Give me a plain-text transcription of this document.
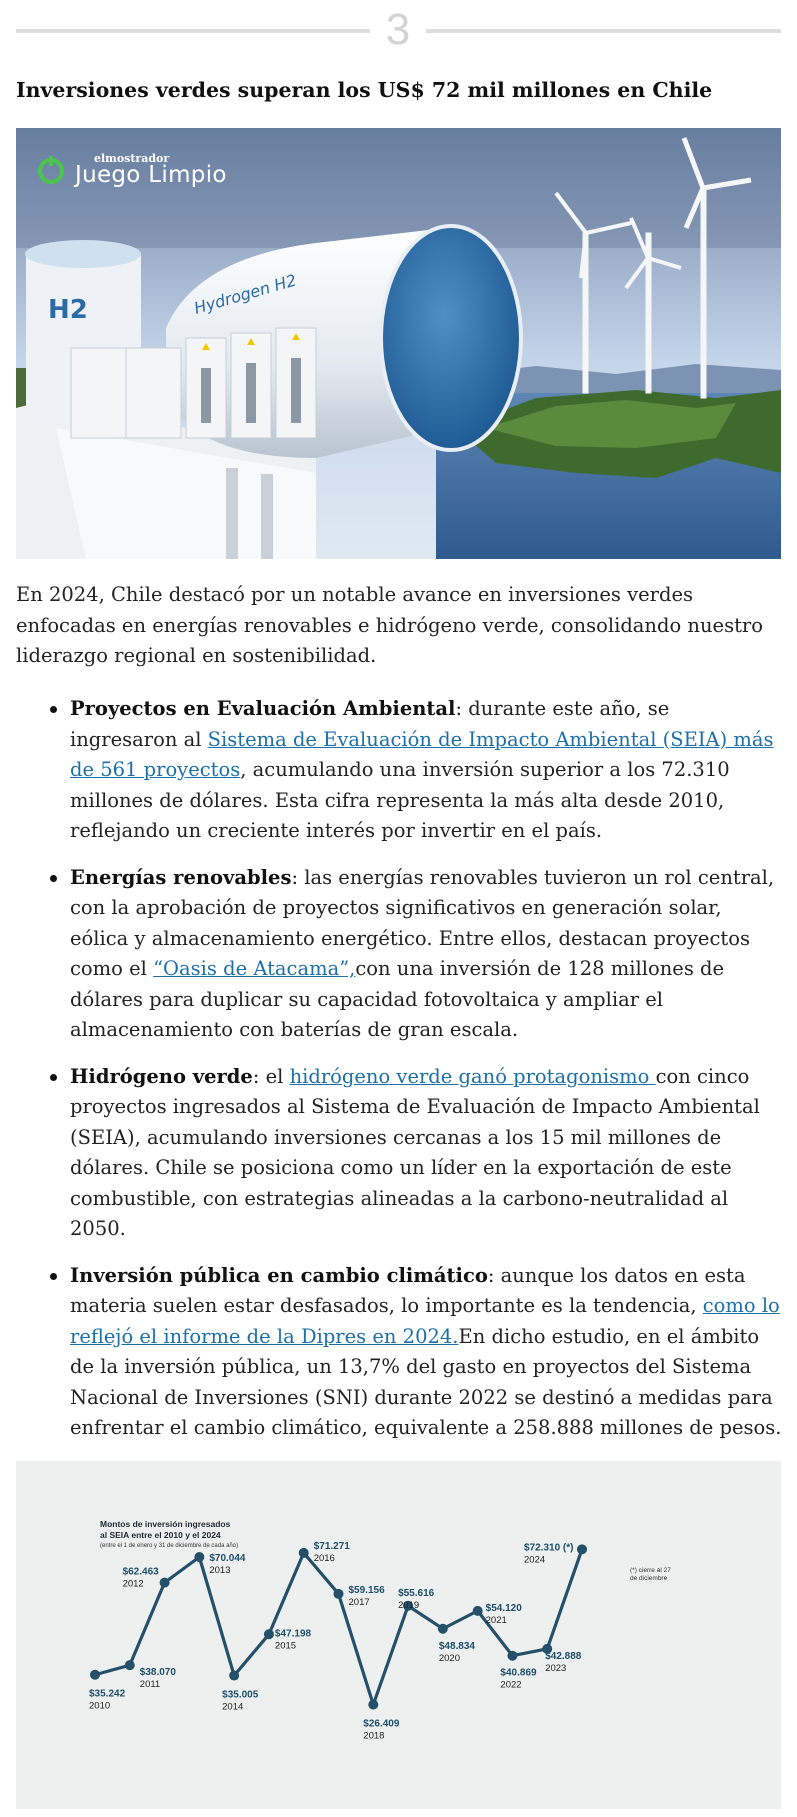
3
Inversiones verdes superan los US$ 72 mil millones en Chile
H2	Hydrogen H2
elmostrador
Juego Limpio

En 2024, Chile destacó por un notable avance en inversiones verdes enfocadas en energías renovables e hidrógeno verde, consolidando nuestro liderazgo regional en sostenibilidad.

Proyectos en Evaluación Ambiental: durante este año, se ingresaron al Sistema de Evaluación de Impacto Ambiental (SEIA) más de 561 proyectos, acumulando una inversión superior a los 72.310 millones de dólares. Esta cifra representa la más alta desde 2010, reflejando un creciente interés por invertir en el país.
Energías renovables: las energías renovables tuvieron un rol central, con la aprobación de proyectos significativos en generación solar, eólica y almacenamiento energético. Entre ellos, destacan proyectos como el “Oasis de Atacama”,con una inversión de 128 millones de dólares para duplicar su capacidad fotovoltaica y ampliar el almacenamiento con baterías de gran escala.
Hidrógeno verde: el hidrógeno verde ganó protagonismo con cinco proyectos ingresados al Sistema de Evaluación de Impacto Ambiental (SEIA), acumulando inversiones cercanas a los 15 mil millones de dólares. Chile se posiciona como un líder en la exportación de este combustible, con estrategias alineadas a la carbono-neutralidad al 2050.
Inversión pública en cambio climático: aunque los datos en esta materia suelen estar desfasados, lo importante es la tendencia, como lo reflejó el informe de la Dipres en 2024.En dicho estudio, en el ámbito de la inversión pública, un 13,7% del gasto en proyectos del Sistema Nacional de Inversiones (SNI) durante 2022 se destinó a medidas para enfrentar el cambio climático, equivalente a 258.888 millones de pesos.
Montos de inversión ingresados
al SEIA entre el 2010 y el 2024
(entre el 1 de enero y 31 de diciembre de cada año)
(*) cierre al 27
de diciembre
$35.242
2010
$38.070
2011
$62.463
2012
$70.044
2013
$35.005
2014
$47.198
2015
$71.271
2016
$59.156
2017
$26.409
2018
$55.616
2019
$48.834
2020
$54.120
2021
$40.869
2022
$42.888
2023
$72.310 (*)
2024
